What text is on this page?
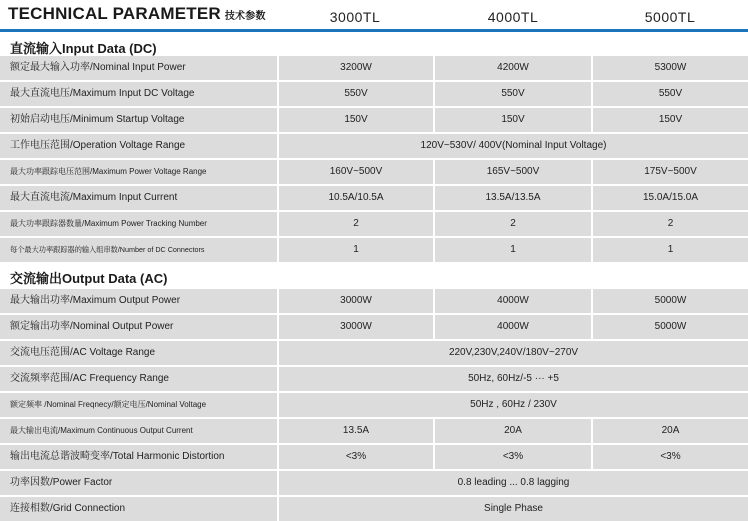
TECHNICAL PARAMETER 技术参数	3000TL	4000TL	5000TL
直流输入Input Data (DC)
额定最大输入功率/Nominal Input Power	3200W	4200W	5300W
最大直流电压/Maximum Input DC Voltage	550V	550V	550V
初始启动电压/Minimum Startup Voltage	150V	150V	150V
工作电压范围/Operation Voltage Range	120V~530V/ 400V(Nominal Input Voltage)
最大功率跟踪电压范围/Maximum Power Voltage Range	160V~500V	165V~500V	175V~500V
最大直流电流/Maximum Input Current	10.5A/10.5A	13.5A/13.5A	15.0A/15.0A
最大功率跟踪器数量/Maximum Power Tracking Number	2	2	2
每个最大功率跟踪器的输入组串数/Number of DC Connectors	1	1	1
交流输出Output Data (AC)
最大输出功率/Maximum Output Power	3000W	4000W	5000W
额定输出功率/Nominal Output Power	3000W	4000W	5000W
交流电压范围/AC Voltage Range	220V,230V,240V/180V~270V
交流频率范围/AC Frequency Range	50Hz, 60Hz/-5 ··· +5
额定频率 /Nominal Freqnecy/额定电压/Nominal Voltage	50Hz , 60Hz / 230V
最大输出电流/Maximum Continuous Output Current	13.5A	20A	20A
输出电流总谐波畸变率/Total Harmonic Distortion	<3%	<3%	<3%
功率因数/Power Factor	0.8 leading ... 0.8 lagging
连接相数/Grid Connection	Single Phase
